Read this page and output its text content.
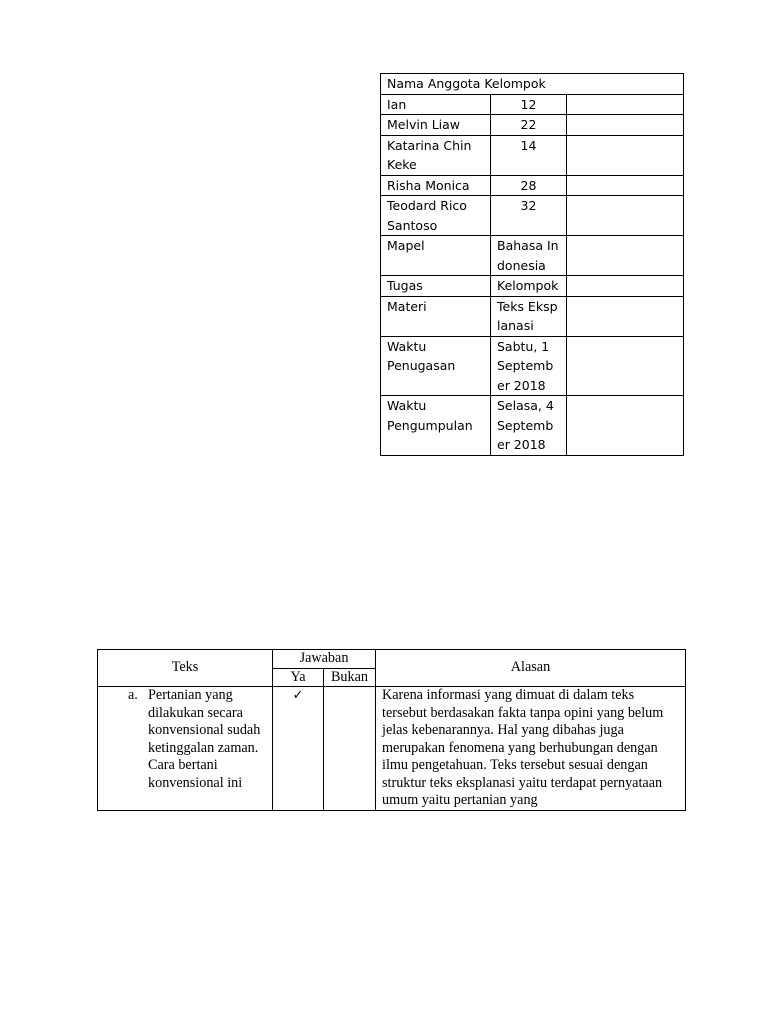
Nama Anggota Kelompok		
Ian	12	
Melvin Liaw	22	
Katarina Chin Keke	14	
Risha Monica	28	
Teodard Rico Santoso	32	
Mapel	Bahasa Indonesia	
Tugas	Kelompok	
Materi	Teks Eksplanasi	
Waktu Penugasan	Sabtu, 1 September 2018	
Waktu Pengumpulan	Selasa, 4 September 2018	
Teks	Jawaban		Alasan
	Ya	Bukan	

a. Pertanian yang dilakukan secara konvensional sudah ketinggalan zaman. Cara bertani konvensional ini	✓		Karena informasi yang dimuat di dalam teks tersebut berdasakan fakta tanpa opini yang belum jelas kebenarannya. Hal yang dibahas juga merupakan fenomena yang berhubungan dengan ilmu pengetahuan. Teks tersebut sesuai dengan struktur teks eksplanasi yaitu terdapat pernyataan umum yaitu pertanian yang
